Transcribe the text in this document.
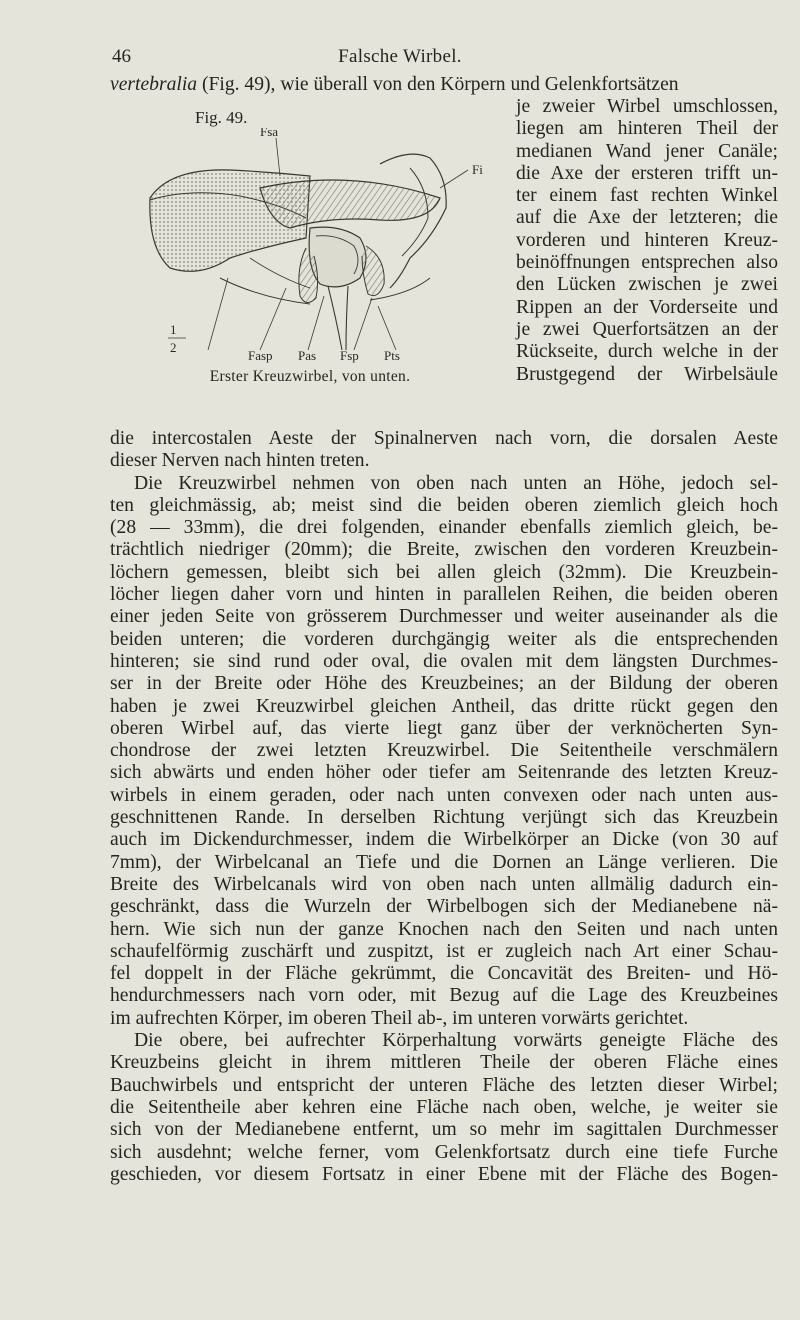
46	Falsche Wirbel.
vertebralia (Fig. 49), wie überall von den Körpern und Gelenkfortsätzen
Fig. 49.
Fsa
Fi
1
2
Fasp Pas Fsp Pts
Erster Kreuzwirbel, von unten.
je zweier Wirbel umschlossen,
liegen am hinteren Theil der
medianen Wand jener Canäle;
die Axe der ersteren trifft un-
ter einem fast rechten Winkel
auf die Axe der letzteren; die
vorderen und hinteren Kreuz-
beinöffnungen entsprechen also
den Lücken zwischen je zwei
Rippen an der Vorderseite und
je zwei Querfortsätzen an der
Rückseite, durch welche in der
Brustgegend der Wirbelsäule
die intercostalen Aeste der Spinalnerven nach vorn, die dorsalen Aeste
dieser Nerven nach hinten treten.
Die Kreuzwirbel nehmen von oben nach unten an Höhe, jedoch sel-
ten gleichmässig, ab; meist sind die beiden oberen ziemlich gleich hoch
(28 — 33mm), die drei folgenden, einander ebenfalls ziemlich gleich, be-
trächtlich niedriger (20mm); die Breite, zwischen den vorderen Kreuzbein-
löchern gemessen, bleibt sich bei allen gleich (32mm). Die Kreuzbein-
löcher liegen daher vorn und hinten in parallelen Reihen, die beiden oberen
einer jeden Seite von grösserem Durchmesser und weiter auseinander als die
beiden unteren; die vorderen durchgängig weiter als die entsprechenden
hinteren; sie sind rund oder oval, die ovalen mit dem längsten Durchmes-
ser in der Breite oder Höhe des Kreuzbeines; an der Bildung der oberen
haben je zwei Kreuzwirbel gleichen Antheil, das dritte rückt gegen den
oberen Wirbel auf, das vierte liegt ganz über der verknöcherten Syn-
chondrose der zwei letzten Kreuzwirbel. Die Seitentheile verschmälern
sich abwärts und enden höher oder tiefer am Seitenrande des letzten Kreuz-
wirbels in einem geraden, oder nach unten convexen oder nach unten aus-
geschnittenen Rande. In derselben Richtung verjüngt sich das Kreuzbein
auch im Dickendurchmesser, indem die Wirbelkörper an Dicke (von 30 auf
7mm), der Wirbelcanal an Tiefe und die Dornen an Länge verlieren. Die
Breite des Wirbelcanals wird von oben nach unten allmälig dadurch ein-
geschränkt, dass die Wurzeln der Wirbelbogen sich der Medianebene nä-
hern. Wie sich nun der ganze Knochen nach den Seiten und nach unten
schaufelförmig zuschärft und zuspitzt, ist er zugleich nach Art einer Schau-
fel doppelt in der Fläche gekrümmt, die Concavität des Breiten- und Hö-
hendurchmessers nach vorn oder, mit Bezug auf die Lage des Kreuzbeines
im aufrechten Körper, im oberen Theil ab-, im unteren vorwärts gerichtet.
Die obere, bei aufrechter Körperhaltung vorwärts geneigte Fläche des
Kreuzbeins gleicht in ihrem mittleren Theile der oberen Fläche eines
Bauchwirbels und entspricht der unteren Fläche des letzten dieser Wirbel;
die Seitentheile aber kehren eine Fläche nach oben, welche, je weiter sie
sich von der Medianebene entfernt, um so mehr im sagittalen Durchmesser
sich ausdehnt; welche ferner, vom Gelenkfortsatz durch eine tiefe Furche
geschieden, vor diesem Fortsatz in einer Ebene mit der Fläche des Bogen-
